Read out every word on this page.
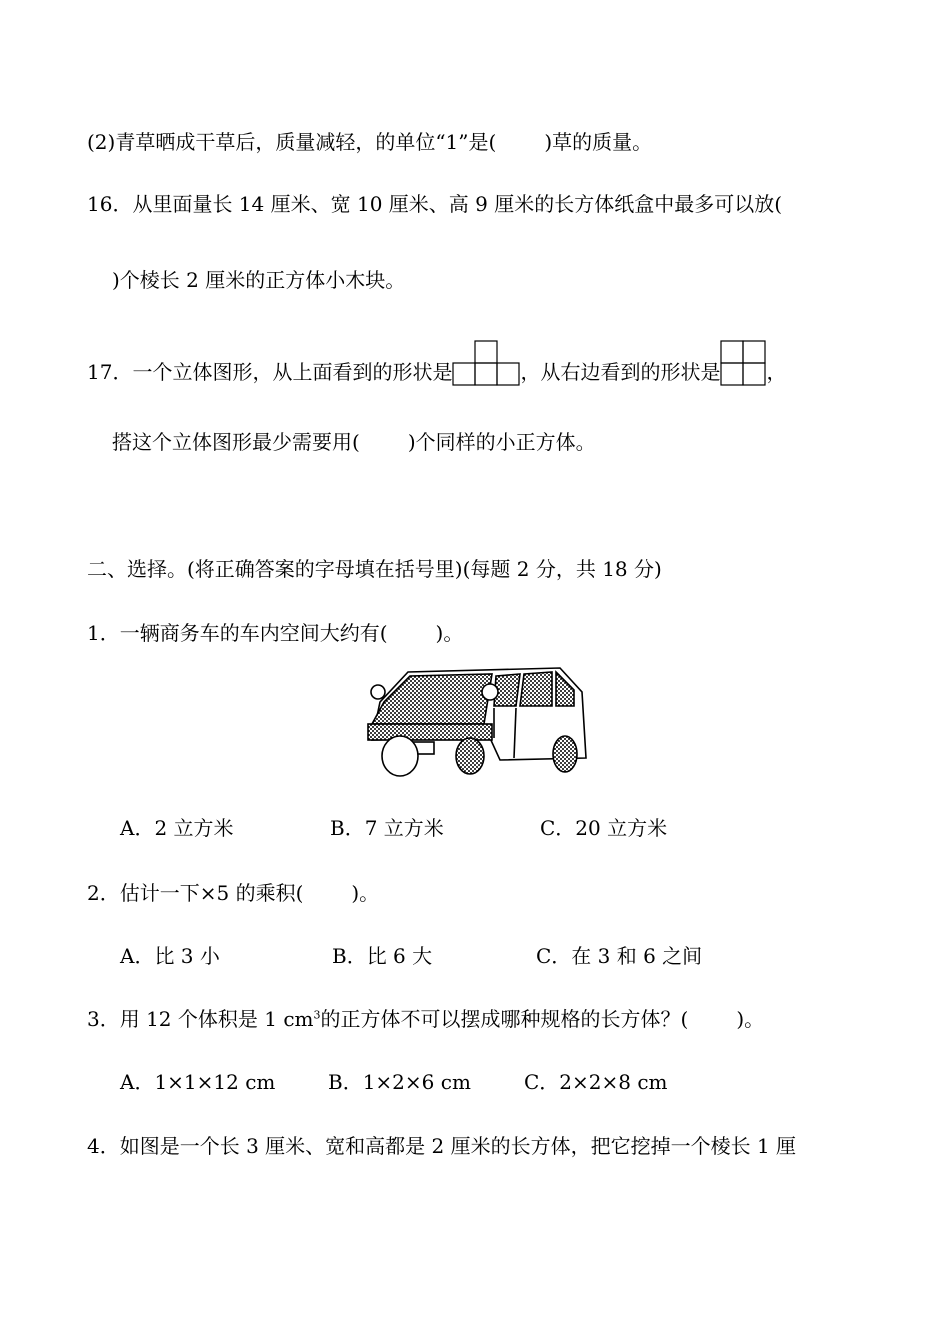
(2)青草晒成干草后，质量减轻，的单位“1”是( )草的质量。
16．从里面量长 14 厘米、宽 10 厘米、高 9 厘米的长方体纸盒中最多可以放(
)个棱长 2 厘米的正方体小木块。
17．一个立体图形，从上面看到的形状是	，从右边看到的形状是 ，
搭这个立体图形最少需要用( )个同样的小正方体。
二、选择。(将正确答案的字母填在括号里)(每题 2 分，共 18 分)
1．一辆商务车的车内空间大约有( )。
A．2 立方米	B．7 立方米	C．20 立方米
2．估计一下×5 的乘积( )。
A．比 3 小	B．比 6 大	C．在 3 和 6 之间
3．用 12 个体积是 1 $cm^3$的正方体不可以摆成哪种规格的长方体？( )。
A．1×1×12 cm	B．1×2×6 cm	C．2×2×8 cm
4．如图是一个长 3 厘米、宽和高都是 2 厘米的长方体，把它挖掉一个棱长 1 厘
